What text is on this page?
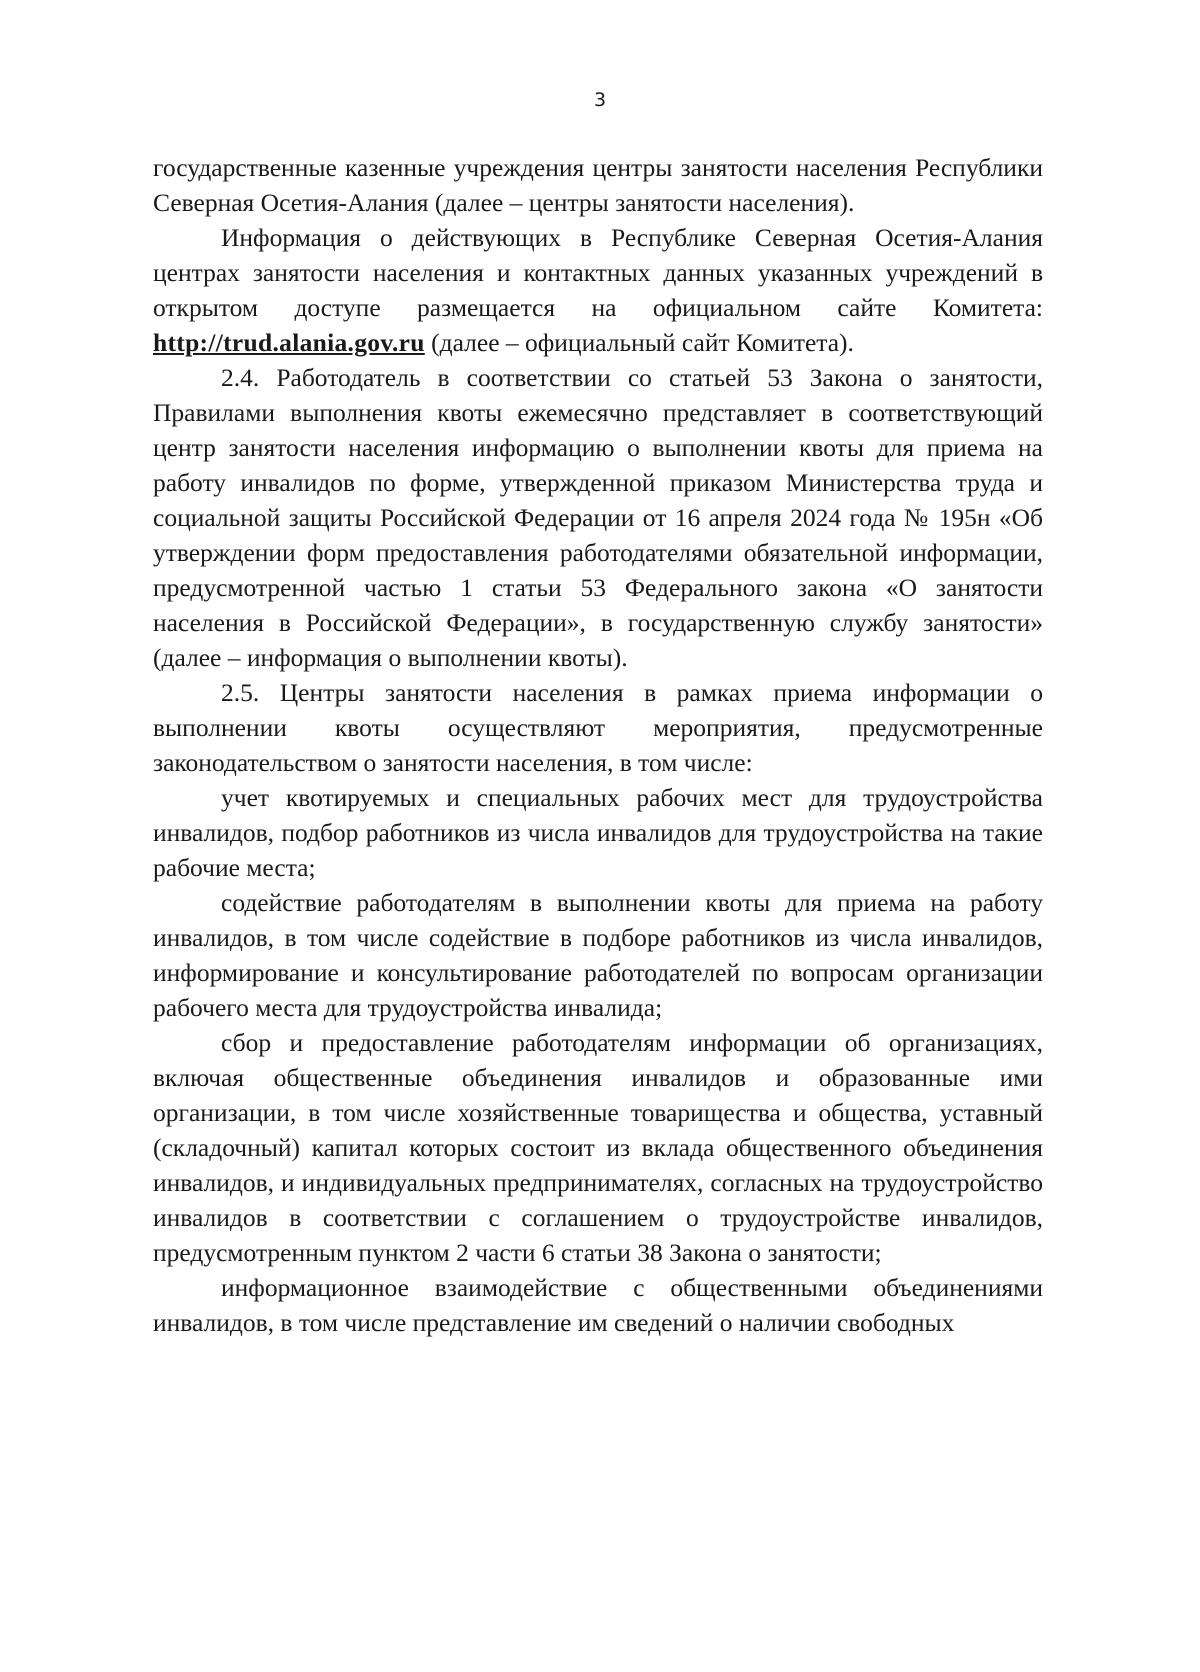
3

государственные казенные учреждения центры занятости населения Республики Северная Осетия-Алания (далее – центры занятости населения).

Информация о действующих в Республике Северная Осетия-Алания центрах занятости населения и контактных данных указанных учреждений в открытом доступе размещается на официальном сайте Комитета: http://trud.alania.gov.ru (далее – официальный сайт Комитета).

2.4. Работодатель в соответствии со статьей 53 Закона о занятости, Правилами выполнения квоты ежемесячно представляет в соответствующий центр занятости населения информацию о выполнении квоты для приема на работу инвалидов по форме, утвержденной приказом Министерства труда и социальной защиты Российской Федерации от 16 апреля 2024 года № 195н «Об утверждении форм предоставления работодателями обязательной информации, предусмотренной частью 1 статьи 53 Федерального закона «О занятости населения в Российской Федерации», в государственную службу занятости» (далее – информация о выполнении квоты).

2.5. Центры занятости населения в рамках приема информации о выполнении квоты осуществляют мероприятия, предусмотренные законодательством о занятости населения, в том числе:

учет квотируемых и специальных рабочих мест для трудоустройства инвалидов, подбор работников из числа инвалидов для трудоустройства на такие рабочие места;

содействие работодателям в выполнении квоты для приема на работу инвалидов, в том числе содействие в подборе работников из числа инвалидов, информирование и консультирование работодателей по вопросам организации рабочего места для трудоустройства инвалида;

сбор и предоставление работодателям информации об организациях, включая общественные объединения инвалидов и образованные ими организации, в том числе хозяйственные товарищества и общества, уставный (складочный) капитал которых состоит из вклада общественного объединения инвалидов, и индивидуальных предпринимателях, согласных на трудоустройство инвалидов в соответствии с соглашением о трудоустройстве инвалидов, предусмотренным пунктом 2 части 6 статьи 38 Закона о занятости;

информационное взаимодействие с общественными объединениями инвалидов, в том числе представление им сведений о наличии свободных
